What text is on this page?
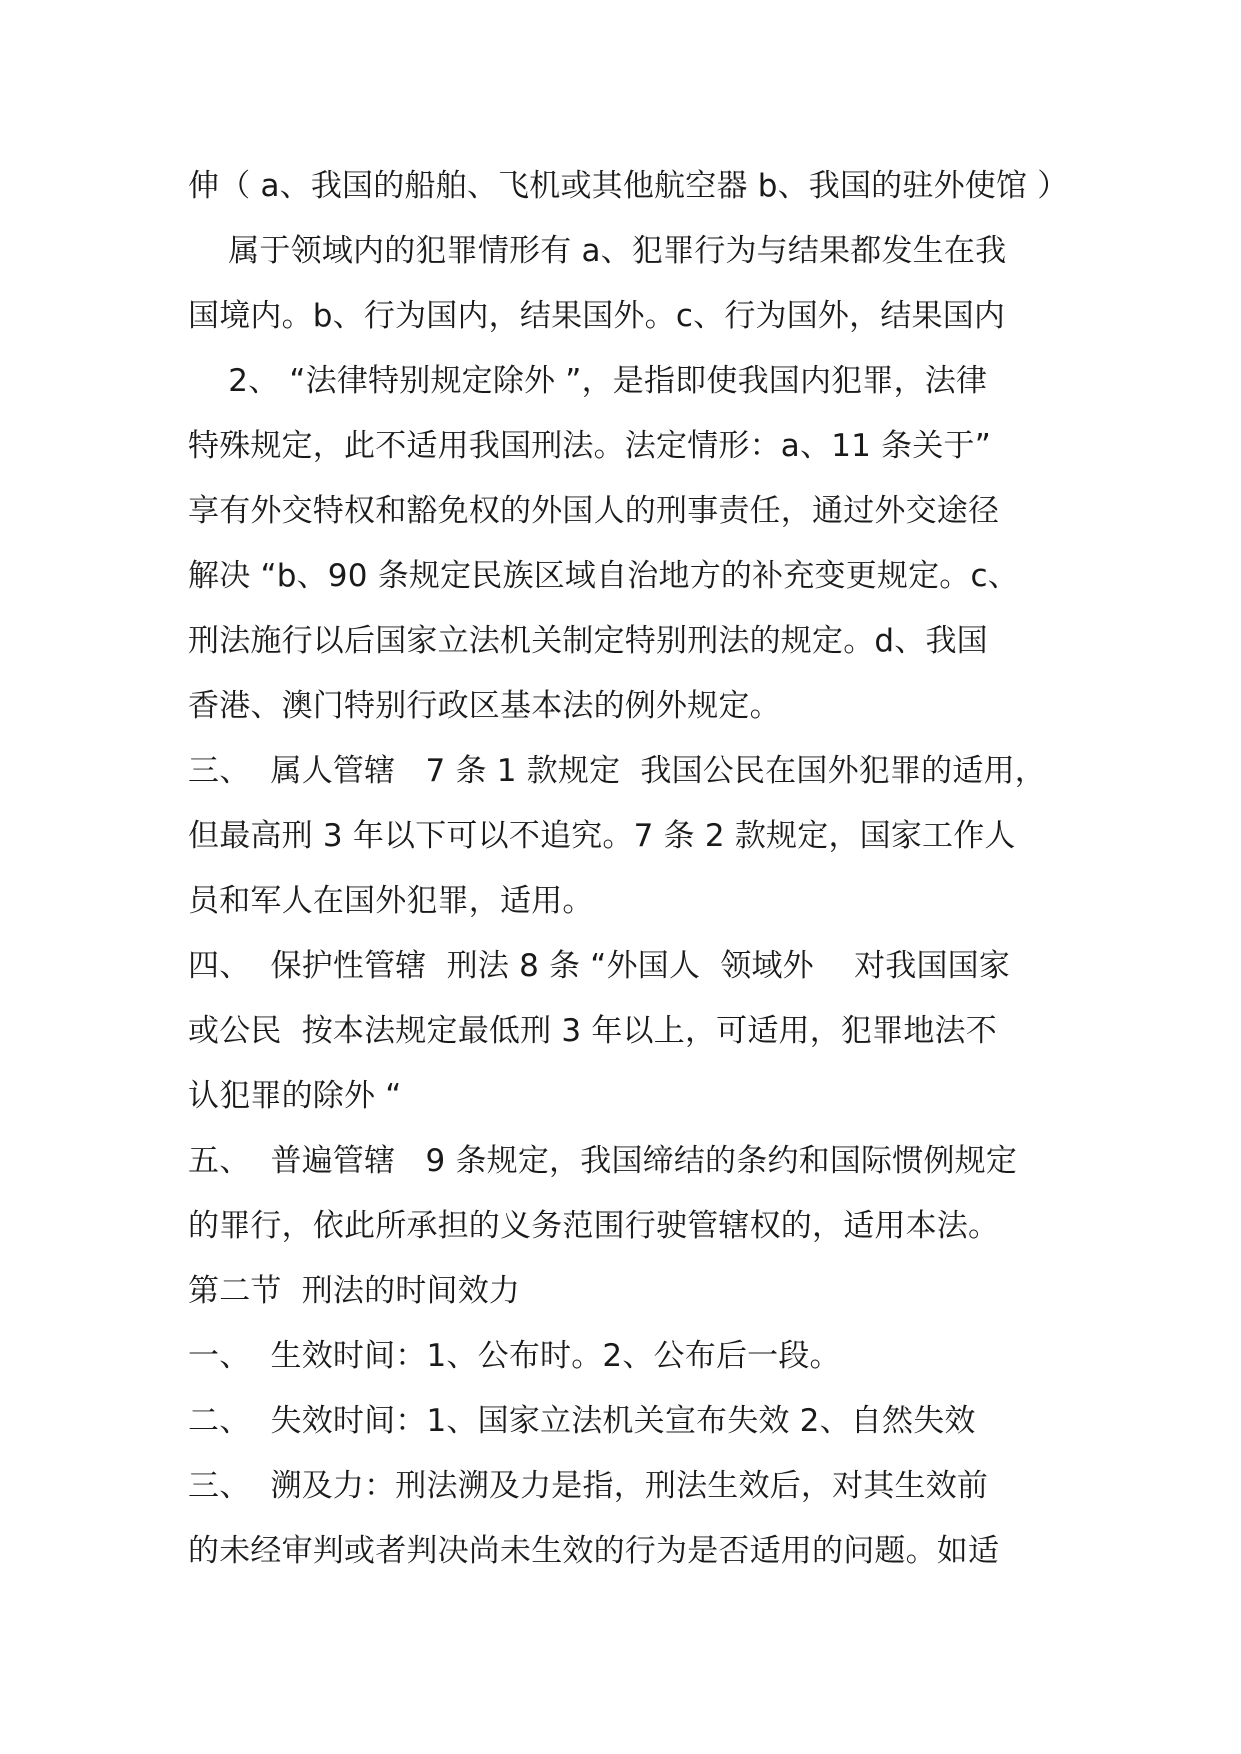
伸（ a、我国的船舶、飞机或其他航空器 b、我国的驻外使馆 ）
属于领域内的犯罪情形有 a、犯罪行为与结果都发生在我
国境内。b、行为国内，结果国外。c、行为国外，结果国内
2、 “法律特别规定除外 ”，是指即使我国内犯罪，法律
特殊规定，此不适用我国刑法。法定情形：a、11 条关于”
享有外交特权和豁免权的外国人的刑事责任，通过外交途径
解决 “b、90 条规定民族区域自治地方的补充变更规定。c、
刑法施行以后国家立法机关制定特别刑法的规定。d、我国
香港、澳门特别行政区基本法的例外规定。
三、  属人管辖   7 条 1 款规定  我国公民在国外犯罪的适用，
但最高刑 3 年以下可以不追究。7 条 2 款规定，国家工作人
员和军人在国外犯罪，适用。
四、  保护性管辖  刑法 8 条 “外国人  领域外    对我国国家
或公民  按本法规定最低刑 3 年以上，可适用，犯罪地法不
认犯罪的除外 “
五、  普遍管辖   9 条规定，我国缔结的条约和国际惯例规定
的罪行，依此所承担的义务范围行驶管辖权的，适用本法。
第二节  刑法的时间效力
一、  生效时间：1、公布时。2、公布后一段。
二、  失效时间：1、国家立法机关宣布失效 2、自然失效
三、  溯及力：刑法溯及力是指，刑法生效后，对其生效前
的未经审判或者判决尚未生效的行为是否适用的问题。如适
